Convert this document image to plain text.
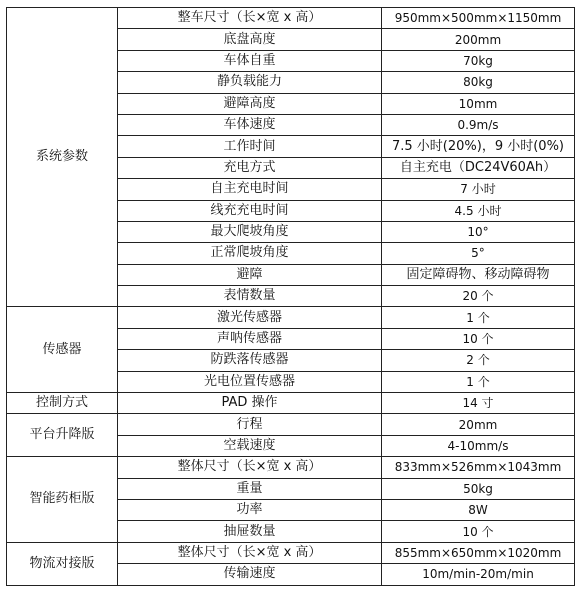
系统参数	整车尺寸（长×宽 x 高）	950mm×500mm×1150mm
	底盘高度	200mm
	车体自重	70kg
	静负载能力	80kg
	避障高度	10mm
	车体速度	0.9m/s
	工作时间	7.5 小时(20%)，9 小时(0%)
	充电方式	自主充电（DC24V60Ah）
	自主充电时间	7 小时
	线充充电时间	4.5 小时
	最大爬坡角度	10°
	正常爬坡角度	5°
	避障	固定障碍物、移动障碍物
	表情数量	20 个
传感器	激光传感器	1 个
	声呐传感器	10 个
	防跌落传感器	2 个
	光电位置传感器	1 个
控制方式	PAD 操作	14 寸
平台升降版	行程	20mm
	空载速度	4-10mm/s
智能药柜版	整体尺寸（长×宽 x 高）	833mm×526mm×1043mm
	重量	50kg
	功率	8W
	抽屉数量	10 个
物流对接版	整体尺寸（长×宽 x 高）	855mm×650mm×1020mm
	传输速度	10m/min-20m/min
